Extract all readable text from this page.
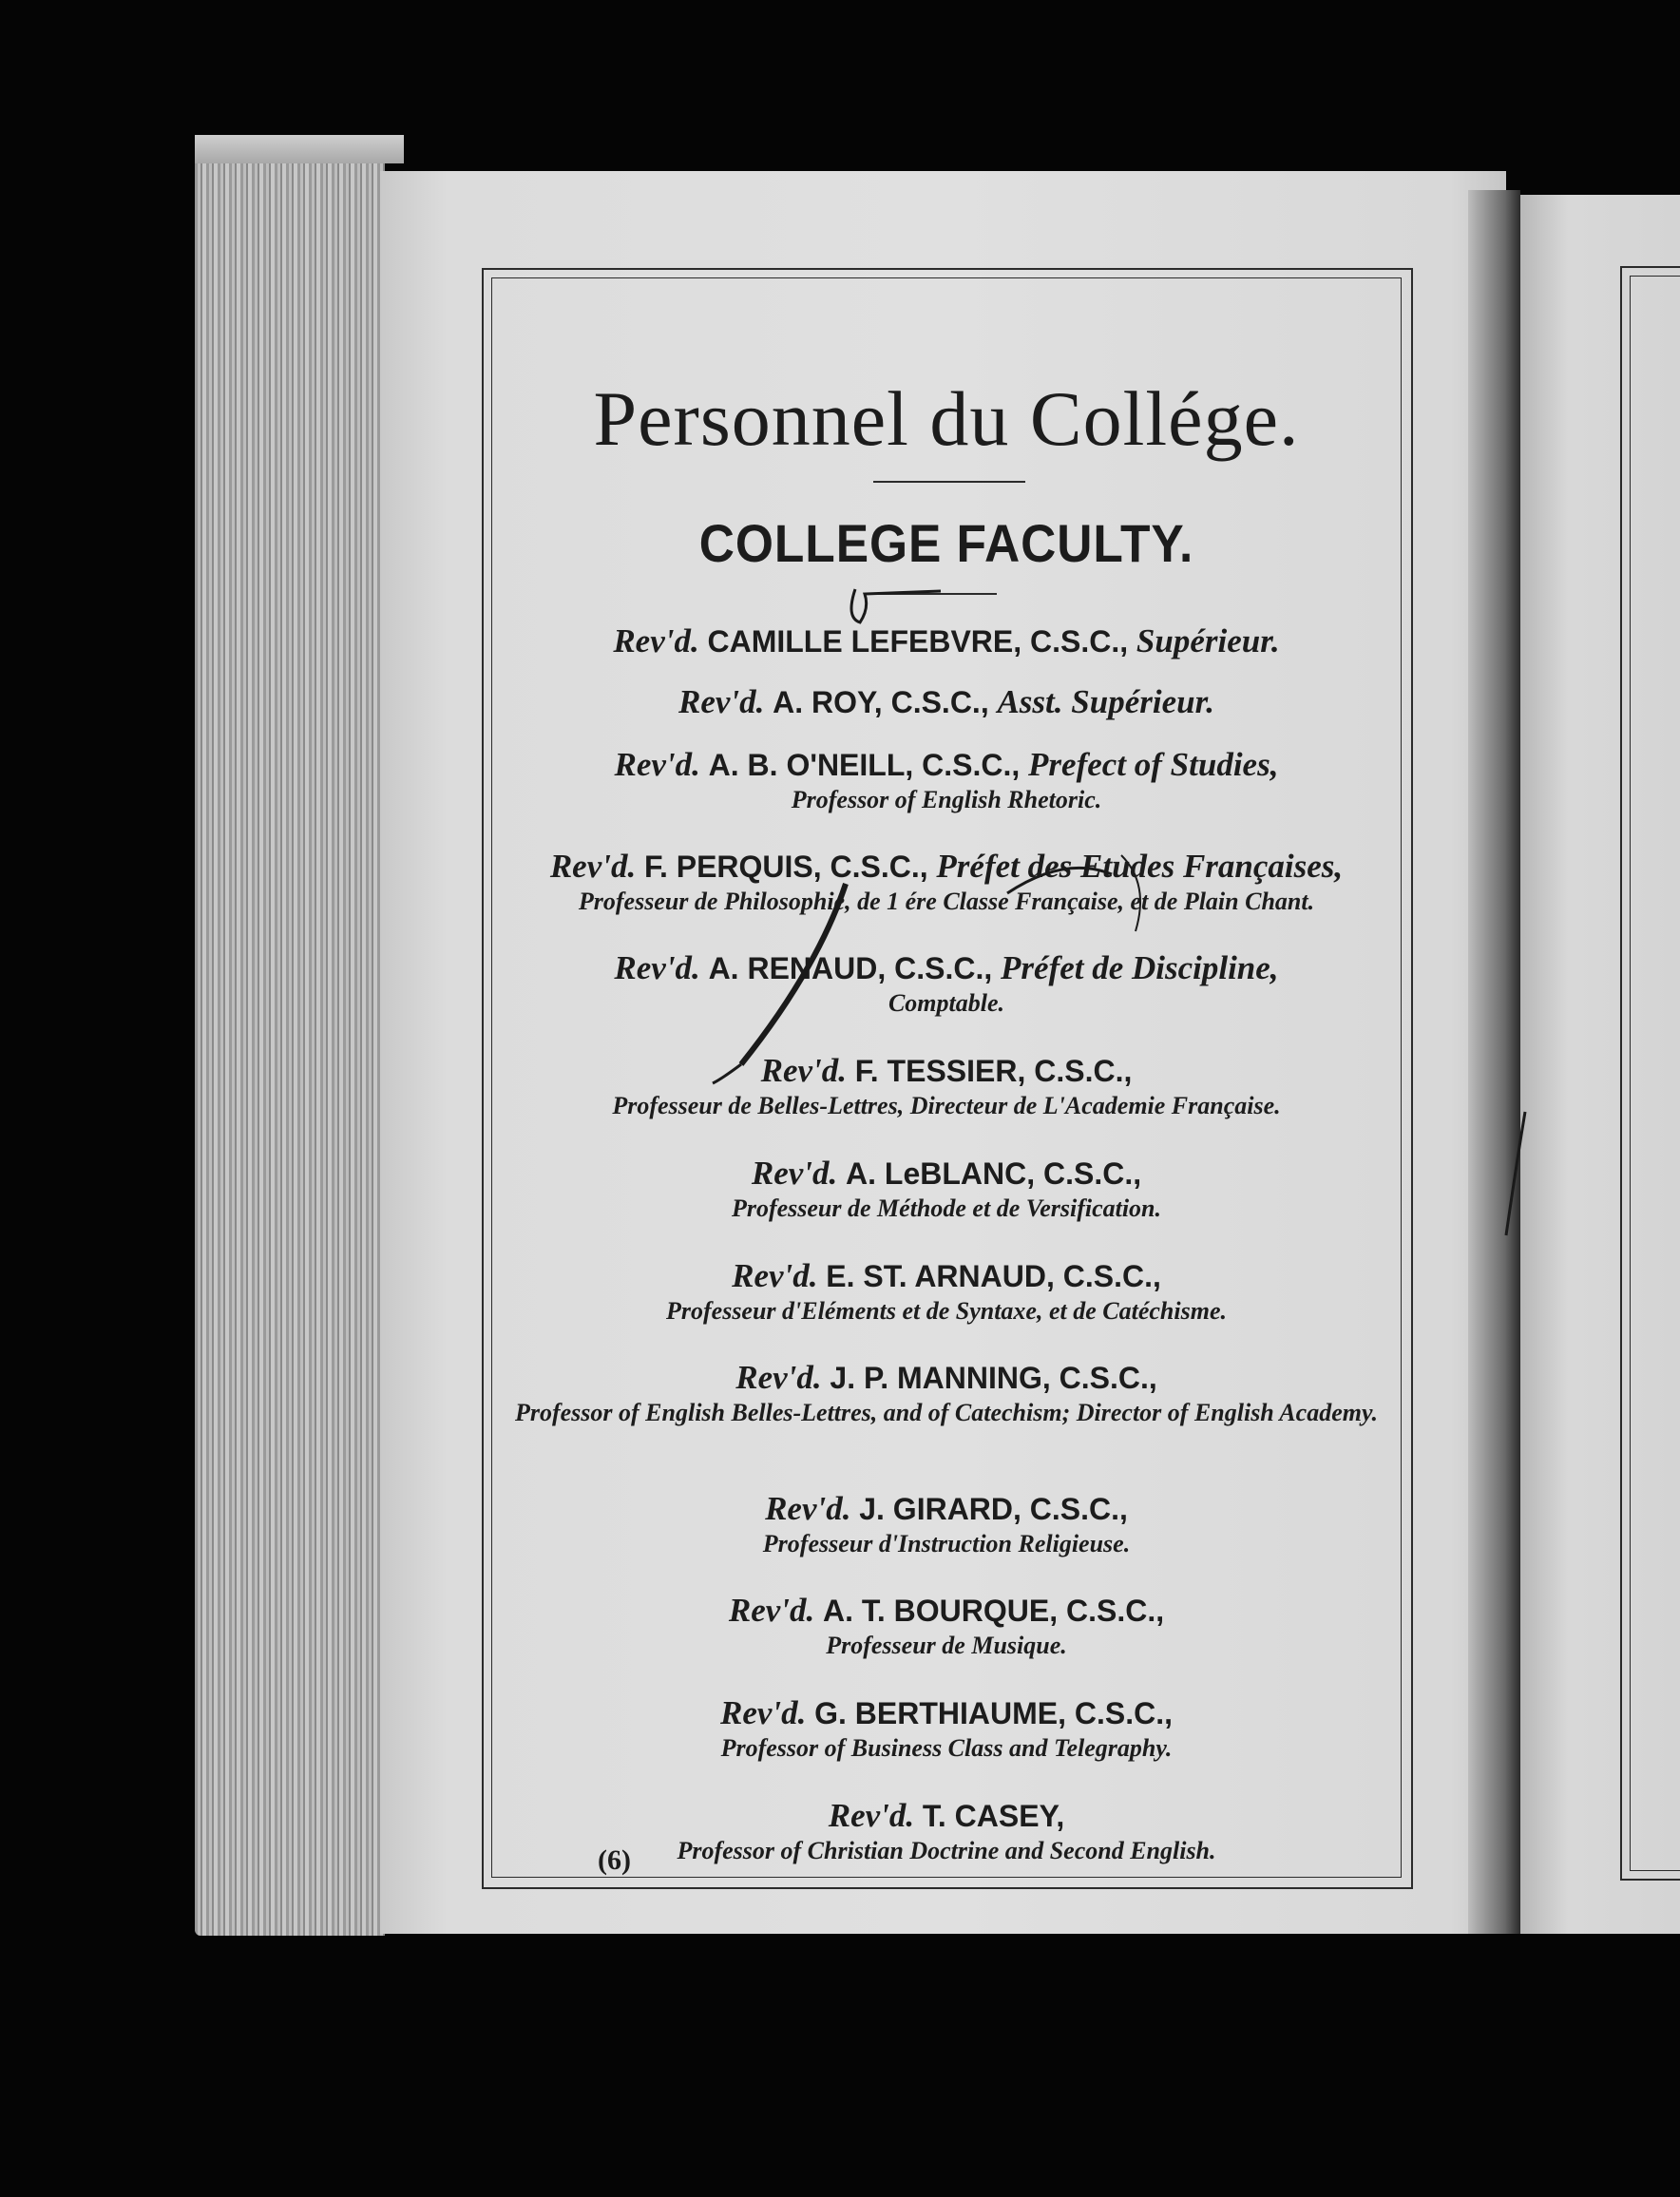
Personnel du Collége.
COLLEGE FACULTY.
Rev'd. CAMILLE LEFEBVRE, C.S.C., Supérieur.
Rev'd. A. ROY, C.S.C., Asst. Supérieur.
Rev'd. A. B. O'NEILL, C.S.C., Prefect of Studies,
Professor of English Rhetoric.
Rev'd. F. PERQUIS, C.S.C., Préfet des Etudes Françaises,
Professeur de Philosophie, de 1 ére Classe Française, et de Plain Chant.
Rev'd. A. RENAUD, C.S.C., Préfet de Discipline,
Comptable.
Rev'd. F. TESSIER, C.S.C.,
Professeur de Belles-Lettres, Directeur de L'Academie Française.
Rev'd. A. LeBLANC, C.S.C.,
Professeur de Méthode et de Versification.
Rev'd. E. ST. ARNAUD, C.S.C.,
Professeur d'Eléments et de Syntaxe, et de Catéchisme.
Rev'd. J. P. MANNING, C.S.C.,
Professor of English Belles-Lettres, and of Catechism; Director of English Academy.
Rev'd. J. GIRARD, C.S.C.,
Professeur d'Instruction Religieuse.
Rev'd. A. T. BOURQUE, C.S.C.,
Professeur de Musique.
Rev'd. G. BERTHIAUME, C.S.C.,
Professor of Business Class and Telegraphy.
Rev'd. T. CASEY,
Professor of Christian Doctrine and Second English.
(6)
